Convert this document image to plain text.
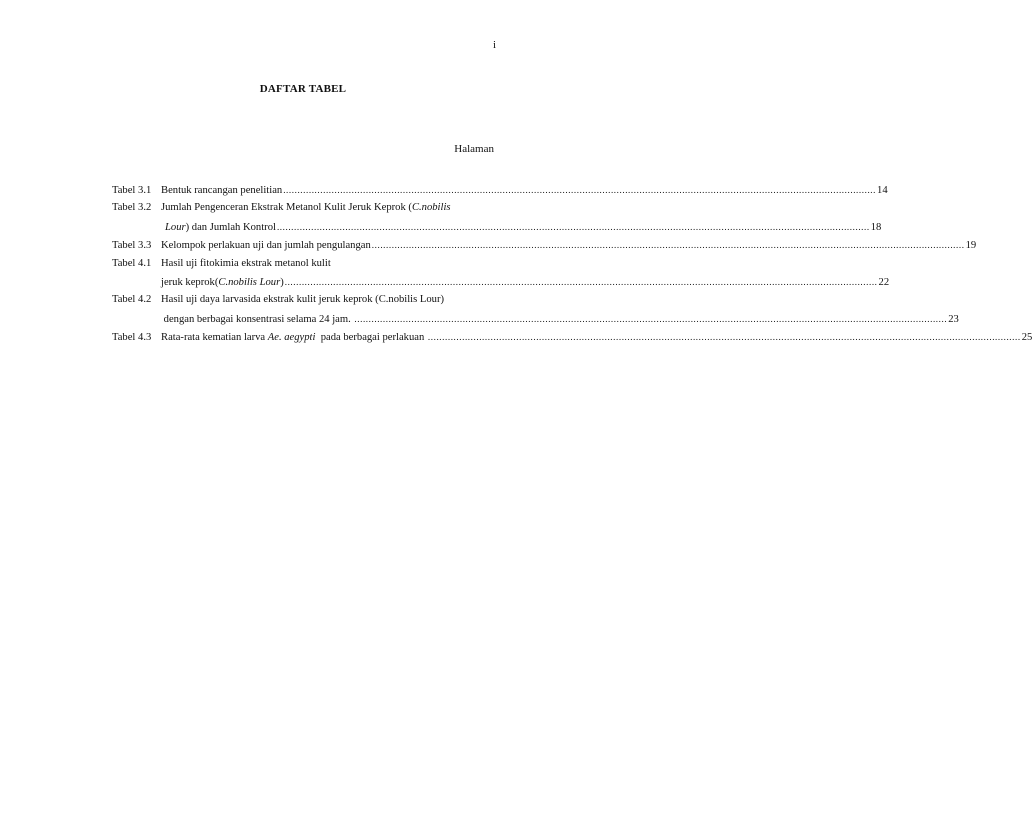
i
DAFTAR TABEL
Halaman
Tabel 3.1 Bentuk rancangan penelitian .....	14
Tabel 3.2 Jumlah Pengenceran Ekstrak Metanol Kulit Jeruk Keprok (C.nobilis
Lour) dan Jumlah Kontrol .....	18
Tabel 3.3 Kelompok perlakuan uji dan jumlah pengulangan .....	19
Tabel 4.1 Hasil uji fitokimia ekstrak metanol kulit
jeruk keprok(C.nobilis Lour) .....	22
Tabel 4.2 Hasil uji daya larvasida ekstrak kulit jeruk keprok (C.nobilis Lour)
dengan berbagai konsentrasi selama 24 jam. .....	23
Tabel 4.3 Rata-rata kematian larva Ae. aegypti  pada berbagai perlakuan .....	25
